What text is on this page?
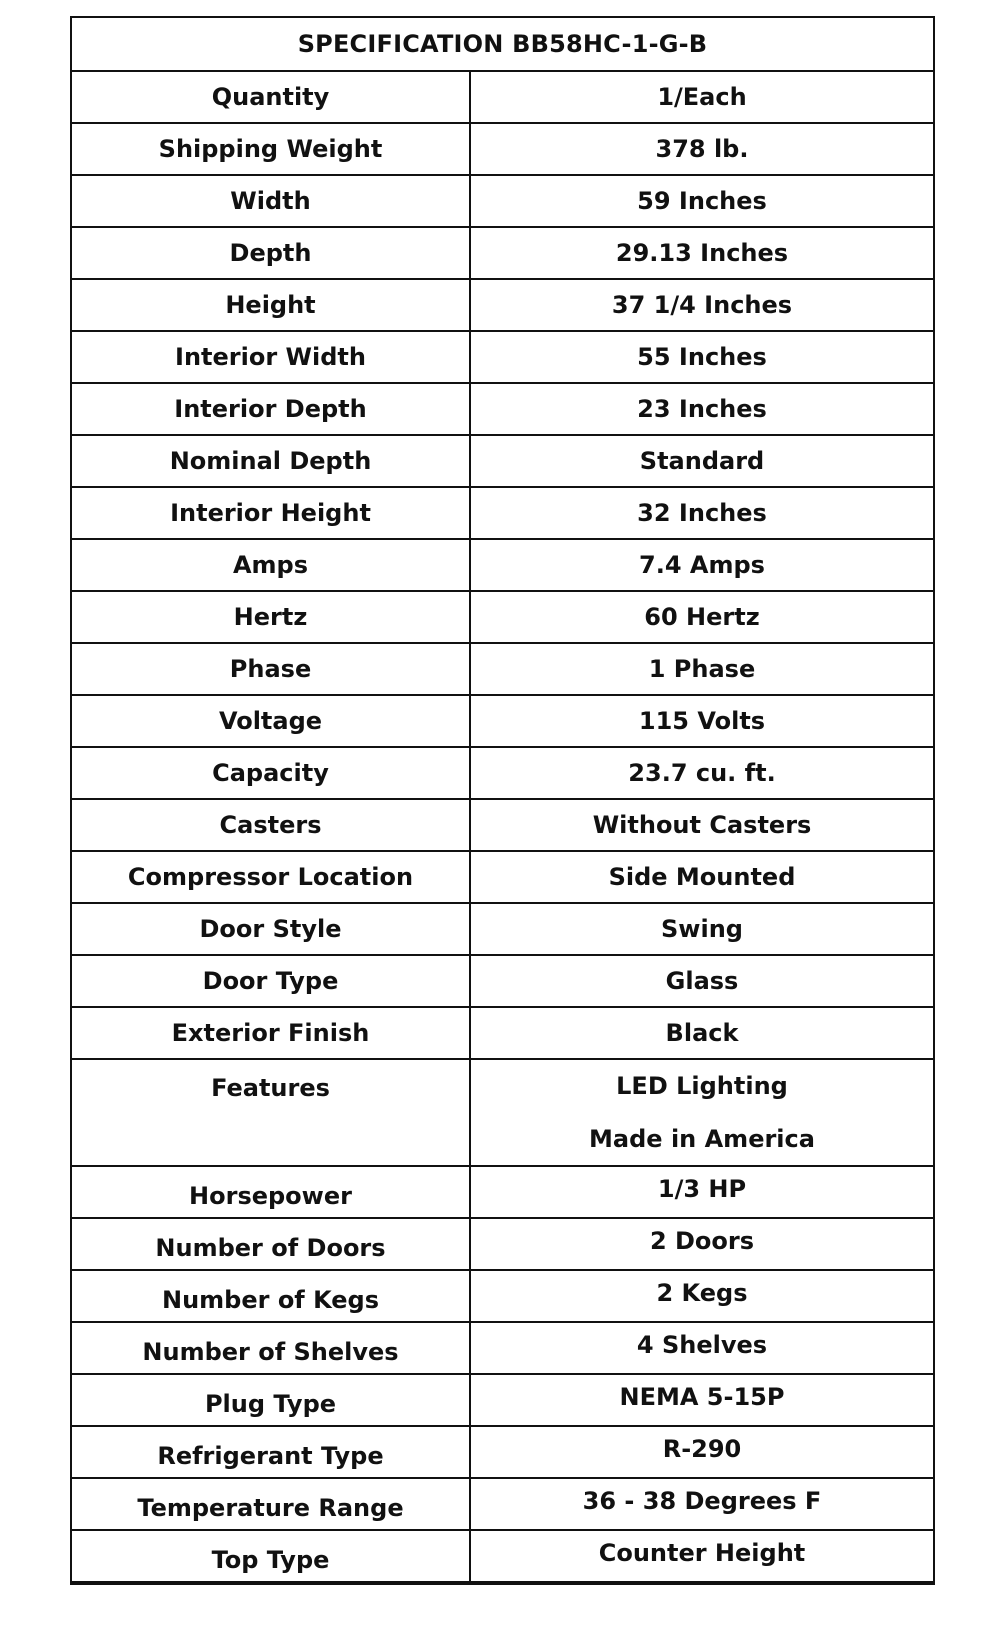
SPECIFICATION BB58HC-1-G-B
Quantity	1/Each
Shipping Weight	378 lb.
Width	59 Inches
Depth	29.13 Inches
Height	37 1/4 Inches
Interior Width	55 Inches
Interior Depth	23 Inches
Nominal Depth	Standard
Interior Height	32 Inches
Amps	7.4 Amps
Hertz	60 Hertz
Phase	1 Phase
Voltage	115 Volts
Capacity	23.7 cu. ft.
Casters	Without Casters
Compressor Location	Side Mounted
Door Style	Swing
Door Type	Glass
Exterior Finish	Black
Features	LED Lighting
Made in America
Horsepower	1/3 HP
Number of Doors	2 Doors
Number of Kegs	2 Kegs
Number of Shelves	4 Shelves
Plug Type	NEMA 5-15P
Refrigerant Type	R-290
Temperature Range	36 - 38 Degrees F
Top Type	Counter Height
